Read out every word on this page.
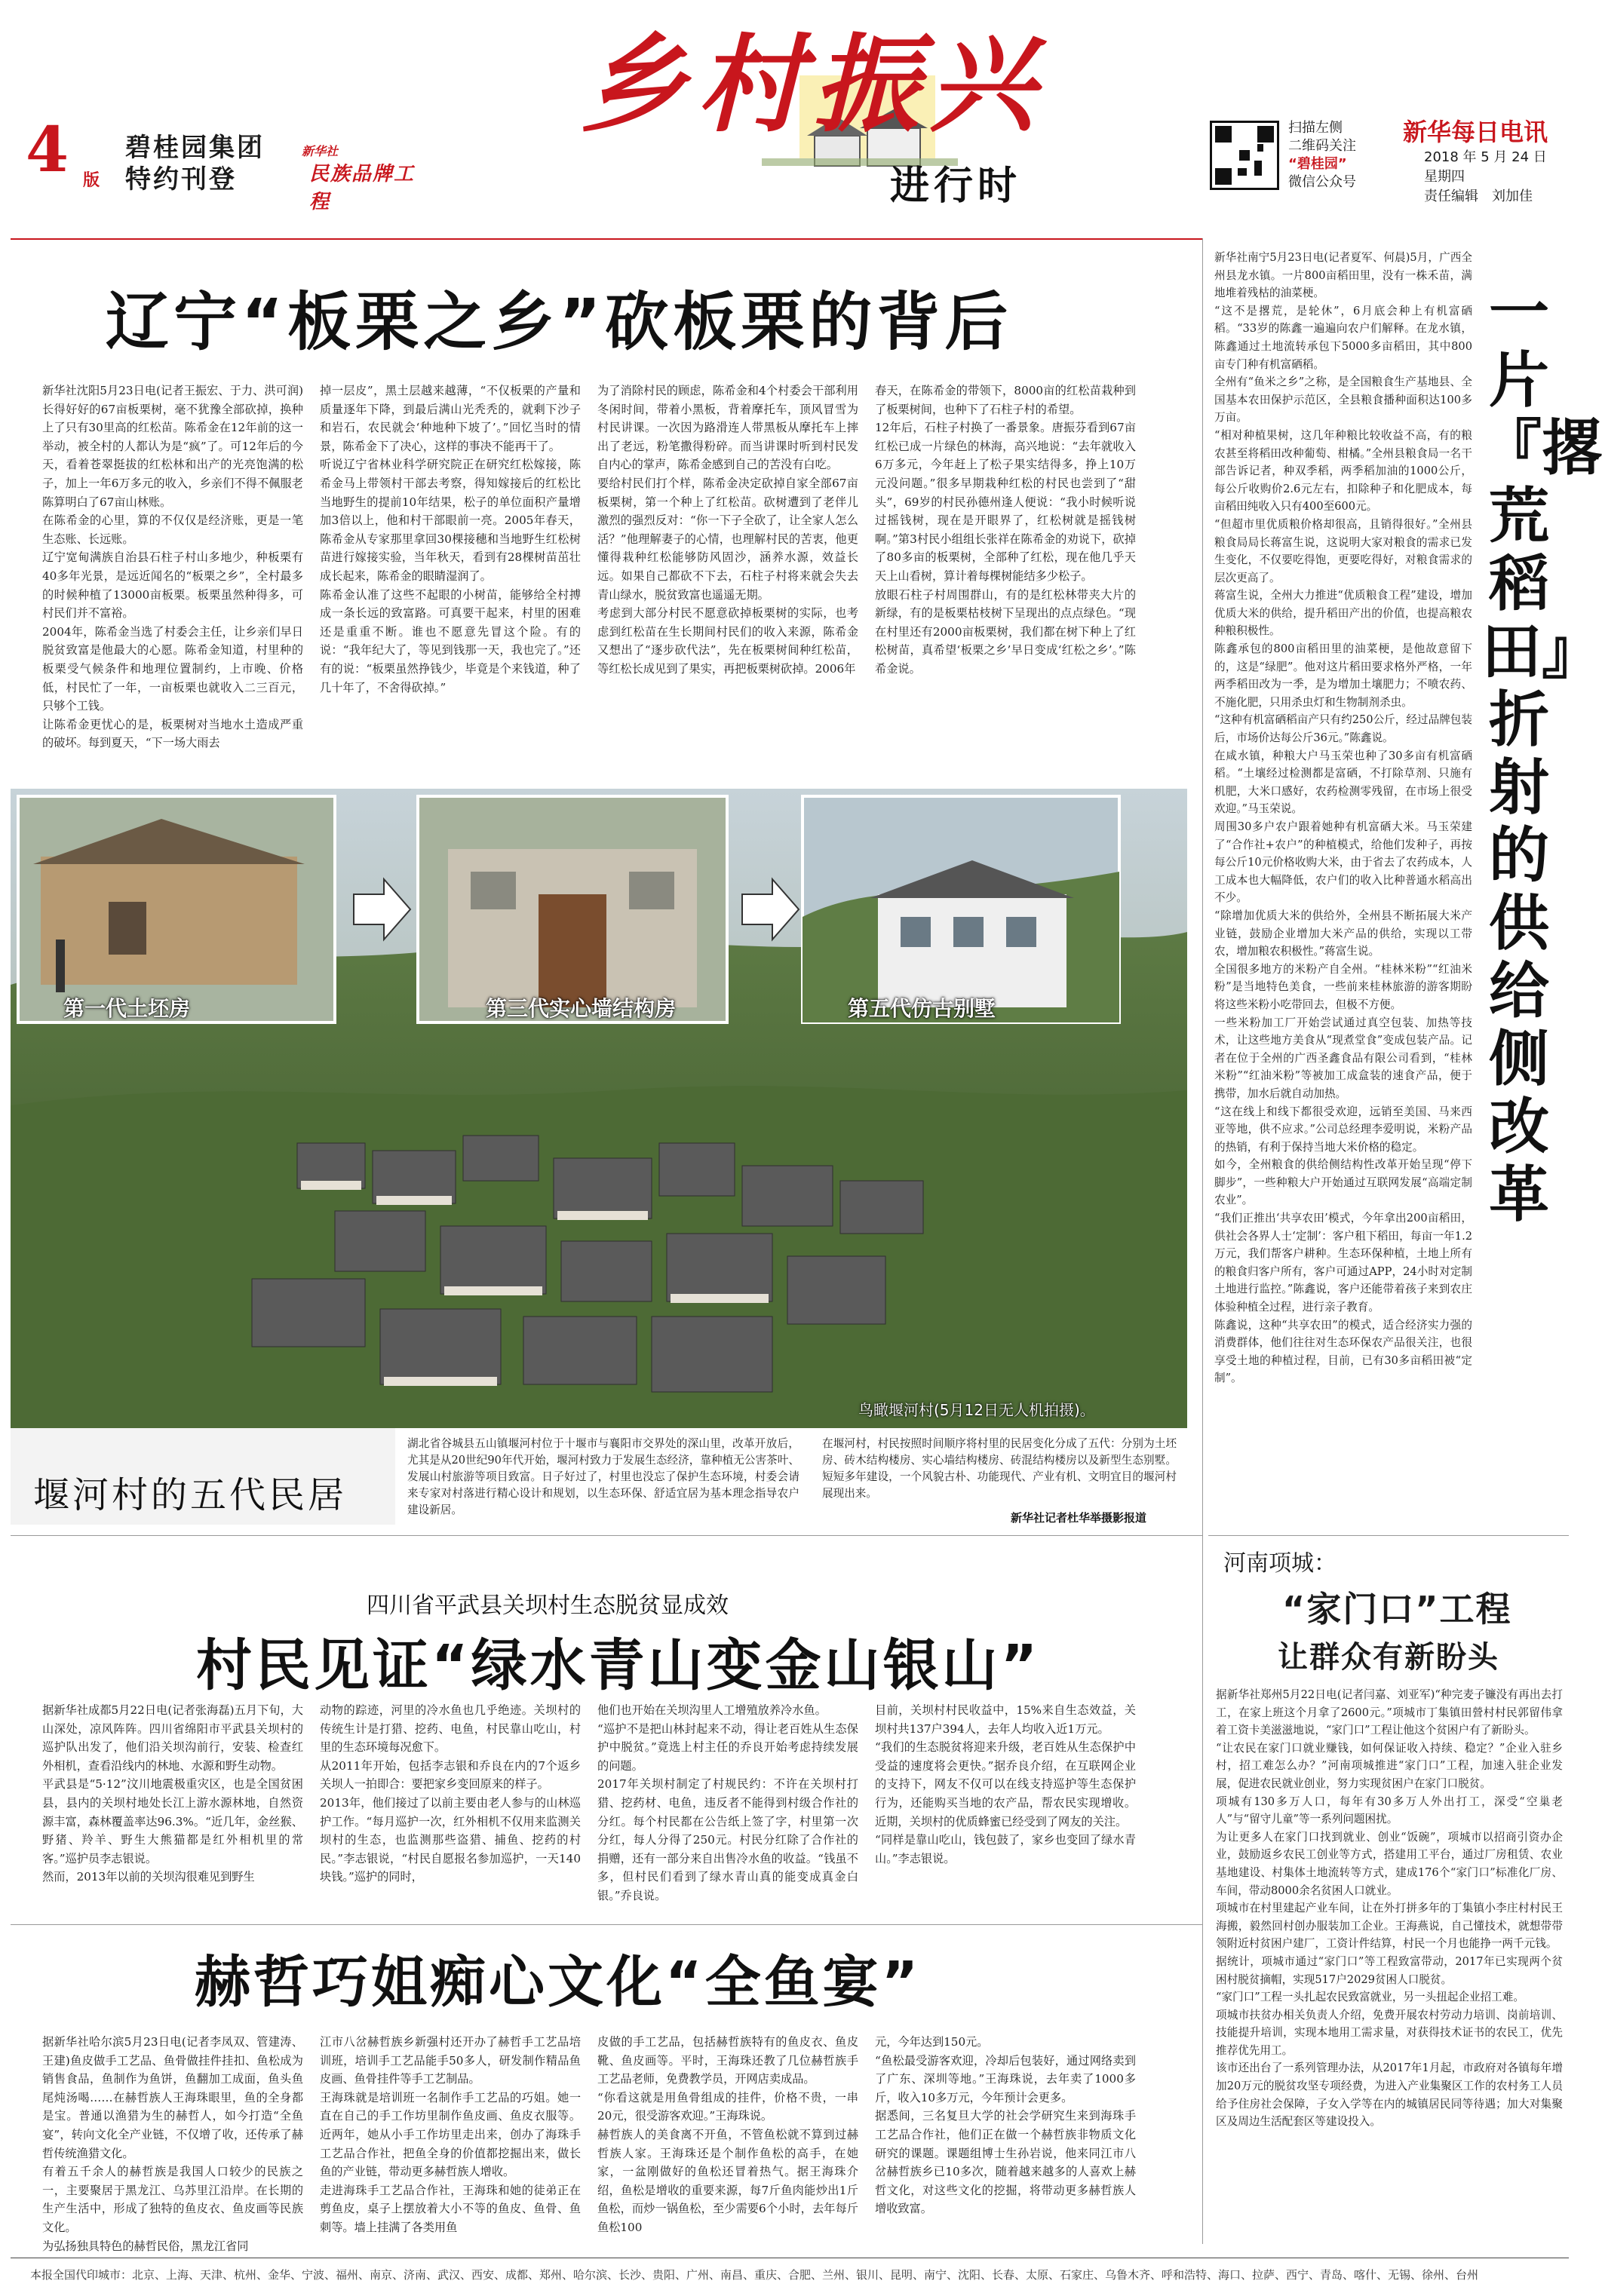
4 版
碧桂园集团
特约刊登
新华社
民族品牌工程
乡村振兴
进行时
扫描左侧
二维码关注
“碧桂园”
微信公众号
新华每日电讯
2018 年 5 月 24 日
星期四
责任编辑　刘加佳
辽宁“板栗之乡”砍板栗的背后
新华社沈阳5月23日电(记者王振宏、于力、洪可润)长得好好的67亩板栗树，毫不犹豫全部砍掉，换种上了只有30里高的红松苗。陈希金在12年前的这一举动，被全村的人都认为是“疯”了。可12年后的今天，看着苍翠挺拔的红松林和出产的光亮饱满的松子，加上一年6万多元的收入，乡亲们不得不佩服老陈算明白了67亩山林账。
在陈希金的心里，算的不仅仅是经济账，更是一笔生态账、长远账。
辽宁宽甸满族自治县石柱子村山多地少，种板栗有40多年光景，是远近闻名的“板栗之乡”，全村最多的时候种植了13000亩板栗。板栗虽然种得多，可村民们并不富裕。
2004年，陈希金当选了村委会主任，让乡亲们早日脱贫致富是他最大的心愿。陈希金知道，村里种的板栗受气候条件和地理位置制约，上市晚、价格低，村民忙了一年，一亩板栗也就收入二三百元，只够个工钱。
让陈希金更忧心的是，板栗树对当地水土造成严重的破坏。每到夏天，“下一场大雨去
掉一层皮”，黑土层越来越薄，“不仅板栗的产量和质量逐年下降，到最后满山光秃秃的，就剩下沙子和岩石，农民就会‘种地种下坡了’。”回忆当时的情景，陈希金下了决心，这样的事决不能再干了。
听说辽宁省林业科学研究院正在研究红松嫁接，陈希金马上带领村干部去考察，得知嫁接后的红松比当地野生的提前10年结果，松子的单位面积产量增加3倍以上，他和村干部眼前一亮。2005年春天，陈希金从专家那里拿回30棵接穗和当地野生红松树苗进行嫁接实验，当年秋天，看到有28棵树苗茁壮成长起来，陈希金的眼睛湿润了。
陈希金认准了这些不起眼的小树苗，能够给全村搏成一条长远的致富路。可真要干起来，村里的困难还是重重不断。谁也不愿意先冒这个险。有的说：“我年纪大了，等见到钱那一天，我也完了。”还有的说：“板栗虽然挣钱少，毕竟是个来钱道，种了几十年了，不舍得砍掉。”
为了消除村民的顾虑，陈希金和4个村委会干部利用冬闲时间，带着小黑板，背着摩托车，顶风冒雪为村民讲课。一次因为路滑连人带黑板从摩托车上摔出了老远，粉笔撒得粉碎。而当讲课时听到村民发自内心的掌声，陈希金感到自己的苦没有白吃。
要给村民们打个样，陈希金决定砍掉自家全部67亩板栗树，第一个种上了红松苗。砍树遭到了老伴儿激烈的强烈反对：“你一下子全砍了，让全家人怎么活？”他理解妻子的心情，也理解村民的苦衷，他更懂得栽种红松能够防风固沙，涵养水源，效益长远。如果自己都砍不下去，石柱子村将来就会失去青山绿水，脱贫致富也遥遥无期。
考虑到大部分村民不愿意砍掉板栗树的实际，也考虑到红松苗在生长期间村民们的收入来源，陈希金又想出了“逐步砍代法”，先在板栗树间种红松苗，等红松长成见到了果实，再把板栗树砍掉。2006年
春天，在陈希金的带领下，8000亩的红松苗栽种到了板栗树间，也种下了石柱子村的希望。
12年后，石柱子村换了一番景象。唐振芬看到67亩红松已成一片绿色的林海，高兴地说：“去年就收入6万多元，今年赶上了松子果实结得多，挣上10万元没问题。”很多早期栽种红松的村民也尝到了“甜头”，69岁的村民孙德州逢人便说：“我小时候听说过摇钱树，现在是开眼界了，红松树就是摇钱树啊。”第3村民小组组长张祥在陈希金的劝说下，砍掉了80多亩的板栗树，全部种了红松，现在他几乎天天上山看树，算计着每棵树能结多少松子。
放眼石柱子村周围群山，有的是红松林带夹大片的新绿，有的是板栗枯枝树下呈现出的点点绿色。“现在村里还有2000亩板栗树，我们都在树下种上了红松树苗，真希望‘板栗之乡’早日变成‘红松之乡’。”陈希金说。
第一代土坯房	第三代实心墙结构房	第五代仿古别墅
鸟瞰堰河村(5月12日无人机拍摄)。
堰河村的五代民居
湖北省谷城县五山镇堰河村位于十堰市与襄阳市交界处的深山里，改革开放后，尤其是从20世纪90年代开始，堰河村致力于发展生态经济，靠种植无公害茶叶、发展山村旅游等项目致富。日子好过了，村里也没忘了保护生态环境，村委会请来专家对村落进行精心设计和规划，以生态环保、舒适宜居为基本理念指导农户建设新居。
在堰河村，村民按照时间顺序将村里的民居变化分成了五代：分别为土坯房、砖木结构楼房、实心墙结构楼房、砖混结构楼房以及新型生态别墅。短短多年建设，一个风貌古朴、功能现代、产业有机、文明宜目的堰河村展现出来。
新华社记者杜华举摄影报道
新华社南宁5月23日电(记者夏军、何晨)5月，广西全州县龙水镇。一片800亩稻田里，没有一株禾苗，满地堆着残枯的油菜梗。
“这不是撂荒，是轮休”，6月底会种上有机富硒稻。“33岁的陈鑫一遍遍向农户们解释。在龙水镇，陈鑫通过土地流转承包下5000多亩稻田，其中800亩专门种有机富硒稻。
全州有“鱼米之乡”之称，是全国粮食生产基地县、全国基本农田保护示范区，全县粮食播种面积达100多万亩。
“相对种植果树，这几年种粮比较收益不高，有的粮农甚至将稻田改种葡萄、柑橘。”全州县粮食局一名干部告诉记者，种双季稻，两季稻加油的1000公斤，每公斤收购价2.6元左右，扣除种子和化肥成本，每亩稻田纯收入只有400至600元。
“但超市里优质粮价格却很高，且销得很好。”全州县粮食局局长蒋富生说，这说明大家对粮食的需求已发生变化，不仅要吃得饱，更要吃得好，对粮食需求的层次更高了。
蒋富生说，全州大力推进“优质粮食工程”建设，增加优质大米的供给，提升稻田产出的价值，也提高粮农种粮积极性。
陈鑫承包的800亩稻田里的油菜梗，是他故意留下的，这是“绿肥”。他对这片稻田要求格外严格，一年两季稻田改为一季，是为增加土壤肥力；不喷农药、不施化肥，只用杀虫灯和生物制剂杀虫。
“这种有机富硒稻亩产只有约250公斤，经过品牌包装后，市场价达每公斤36元。”陈鑫说。
在咸水镇，种粮大户马玉荣也种了30多亩有机富硒稻。“土壤经过检测都是富硒，不打除草剂、只施有机肥，大米口感好，农药检测零残留，在市场上很受欢迎。”马玉荣说。
周围30多户农户跟着她种有机富硒大米。马玉荣建了“合作社+农户”的种植模式，给他们发种子，再按每公斤10元价格收购大米，由于省去了农药成本，人工成本也大幅降低，农户们的收入比种普通水稻高出不少。
“除增加优质大米的供给外，全州县不断拓展大米产业链，鼓励企业增加大米产品的供给，实现以工带农，增加粮农积极性。”蒋富生说。
全国很多地方的米粉产自全州。“桂林米粉”“红油米粉”是当地特色美食，一些前来桂林旅游的游客期盼将这些米粉小吃带回去，但极不方便。
一些米粉加工厂开始尝试通过真空包装、加热等技术，让这些地方美食从“现煮堂食”变成包装产品。记者在位于全州的广西圣鑫食品有限公司看到，“桂林米粉”“红油米粉”等被加工成盒装的速食产品，便于携带，加水后就自动加热。
“这在线上和线下都很受欢迎，远销至美国、马来西亚等地，供不应求。”公司总经理李爱明说，米粉产品的热销，有利于保持当地大米价格的稳定。
如今，全州粮食的供给侧结构性改革开始呈现“停下脚步”，一些种粮大户开始通过互联网发展“高端定制农业”。
“我们正推出‘共享农田’模式，今年拿出200亩稻田，供社会各界人士‘定制’：客户租下稻田，每亩一年1.2万元，我们帮客户耕种。生态环保种植，土地上所有的粮食归客户所有，客户可通过APP，24小时对定制土地进行监控。”陈鑫说，客户还能带着孩子来到农庄体验种植全过程，进行亲子教育。
陈鑫说，这种“共享农田”的模式，适合经济实力强的消费群体，他们往往对生态环保农产品很关注，也很享受土地的种植过程，目前，已有30多亩稻田被“定制”。
一片『撂荒稻田』折射的供给侧改革
河南项城：
“家门口”工程
让群众有新盼头
据新华社郑州5月22日电(记者闫嘉、刘亚军)“种完麦子镰没有再出去打工，在家上班这个月拿了2600元。”项城市丁集镇田營村村民郭留伟拿着工资卡美滋滋地说，“家门口”工程让他这个贫困户有了新盼头。
“让农民在家门口就业赚钱，如何保证收入持续、稳定？”企业入驻乡村，招工难怎么办？”河南项城推进“家门口”工程，加速入驻企业发展，促进农民就业创业，努力实现贫困户在家门口脱贫。
项城有130多万人口，每年有30多万人外出打工，深受“空巢老人”与“留守儿童”等一系列问题困扰。
为让更多人在家门口找到就业、创业“饭碗”，项城市以招商引资办企业，鼓励返乡农民工创业等方式，搭建用工平台，通过厂房租赁、农业基地建设、村集体土地流转等方式，建成176个“家门口”标准化厂房、车间，带动8000余名贫困人口就业。
项城市在村里建起产业车间，让在外打拼多年的丁集镇小李庄村村民王海搬，毅然回村创办服装加工企业。王海燕说，自己懂技术，就想带带领附近村贫困户建厂，工资计件结算，村民一个月也能挣一两千元钱。
据统计，项城市通过“家门口”等工程致富带动，2017年已实现两个贫困村脱贫摘帽，实现517户2029贫困人口脱贫。
“家门口”工程一头扎起农民致富就业，另一头扭起企业招工难。
项城市扶贫办相关负责人介绍，免费开展农村劳动力培训、岗前培训、技能提升培训，实现本地用工需求量，对获得技术证书的农民工，优先推荐优先用工。
该市还出台了一系列管理办法，从2017年1月起，市政府对各镇每年增加20万元的脱贫攻坚专项经费，为进入产业集聚区工作的农村务工人员给予住房社会保障，子女入学等在内的城镇居民同等待遇；加大对集聚区及周边生活配套区等建设投入。
四川省平武县关坝村生态脱贫显成效
村民见证“绿水青山变金山银山”
据新华社成都5月22日电(记者张海磊)五月下旬，大山深处，凉风阵阵。四川省绵阳市平武县关坝村的巡护队出发了，他们沿关坝沟前行，安装、检查红外相机，查看沿线内的林地、水源和野生动物。
平武县是“5·12”汶川地震极重灾区，也是全国贫困县，县内的关坝村地处长江上游水源林地，自然资源丰富，森林覆盖率达96.3%。“近几年，金丝猴、野猪、羚羊、野生大熊猫都是红外相机里的常客。”巡护员李志银说。
然而，2013年以前的关坝沟很难见到野生
动物的踪迹，河里的冷水鱼也几乎绝迹。关坝村的传统生计是打猎、挖药、电鱼，村民靠山吃山，村里的生态环境每况愈下。
从2011年开始，包括李志银和乔良在内的7个返乡关坝人一拍即合：要把家乡变回原来的样子。
2013年，他们接过了以前主要由老人参与的山林巡护工作。“每月巡护一次，红外相机不仅用来监测关坝村的生态，也监测那些盗猎、捕鱼、挖药的村民。”李志银说，“村民自愿报名参加巡护，一天140块钱。”巡护的同时，
他们也开始在关坝沟里人工增殖放养冷水鱼。
“巡护不是把山林封起来不动，得让老百姓从生态保护中脱贫。”竟选上村主任的乔良开始考虑持续发展的问题。
2017年关坝村制定了村规民约：不许在关坝村打猎、挖药材、电鱼，违反者不能得到村级合作社的分红。每个村民都在公告纸上签了字，村里第一次分红，每人分得了250元。村民分红除了合作社的捐赠，还有一部分来自出售冷水鱼的收益。“钱虽不多，但村民们看到了绿水青山真的能变成真金白银。”乔良说。
目前，关坝村村民收益中，15%来自生态效益，关坝村共137户394人，去年人均收入近1万元。
“我们的生态脱贫将迎来升级，老百姓从生态保护中受益的速度将会更快。”据乔良介绍，在互联网企业的支持下，网友不仅可以在线支持巡护等生态保护行为，还能购买当地的农产品，帮农民实现增收。近期，关坝村的优质蜂蜜已经受到了网友的关注。
“同样是靠山吃山，钱包鼓了，家乡也变回了绿水青山。”李志银说。
赫哲巧姐痴心文化“全鱼宴”
据新华社哈尔滨5月23日电(记者李凤双、管建涛、王建)鱼皮做手工艺品、鱼骨做挂件挂扣、鱼松成为销售食品，鱼制作为鱼饼，鱼翻加工成面，鱼头鱼尾炖汤喝……在赫哲族人王海珠眼里，鱼的全身都是宝。普通以渔猎为生的赫哲人，如今打造“全鱼宴”，转向文化全产业链，不仅增了收，还传承了赫哲传统渔猎文化。
有着五千余人的赫哲族是我国人口较少的民族之一，主要聚居于黑龙江、乌苏里江沿岸。在长期的生产生活中，形成了独特的鱼皮衣、鱼皮画等民族文化。
为弘扬独具特色的赫哲民俗，黑龙江省同
江市八岔赫哲族乡新强村还开办了赫哲手工艺品培训班，培训手工艺品能手50多人，研发制作精品鱼皮画、鱼骨挂件等手工艺制品。
王海珠就是培训班一名制作手工艺品的巧姐。她一直在自己的手工作坊里制作鱼皮画、鱼皮衣服等。近两年，她从小手工作坊里走出来，创办了海珠手工艺品合作社，把鱼全身的价值都挖掘出来，做长鱼的产业链，带动更多赫哲族人增收。
走进海珠手工艺品合作社，王海珠和她的徒弟正在剪鱼皮，桌子上摆放着大小不等的鱼皮、鱼骨、鱼刺等。墙上挂满了各类用鱼
皮做的手工艺品，包括赫哲族特有的鱼皮衣、鱼皮靴、鱼皮画等。平时，王海珠还教了几位赫哲族手工艺品老师，免费教学员，开网店卖成品。
“你看这就是用鱼骨组成的挂件，价格不贵，一串20元，很受游客欢迎。”王海珠说。
赫哲族人的美食离不开鱼，不管鱼松就不算到过赫哲族人家。王海珠还是个制作鱼松的高手，在她家，一盆刚做好的鱼松还冒着热气。据王海珠介绍，鱼松是增收的重要来源，每7斤鱼肉能炒出1斤鱼松，而炒一锅鱼松，至少需要6个小时，去年每斤鱼松100
元，今年达到150元。
“鱼松最受游客欢迎，冷却后包装好，通过网络卖到了广东、深圳等地。”王海珠说，去年卖了1000多斤，收入10多万元，今年预计会更多。
据悉间，三名复旦大学的社会学研究生来到海珠手工艺品合作社，他们正在做一个赫哲族非物质文化研究的课题。课题组博士生孙岩说，他来同江市八岔赫哲族乡已10多次，随着越来越多的人喜欢上赫哲文化，对这些文化的挖掘，将带动更多赫哲族人增收致富。
本报全国代印城市：北京、上海、天津、杭州、金华、宁波、福州、南京、济南、武汉、西安、成都、郑州、哈尔滨、长沙、贵阳、广州、南昌、重庆、合肥、兰州、银川、昆明、南宁、沈阳、长春、太原、石家庄、乌鲁木齐、呼和浩特、海口、拉萨、西宁、青岛、喀什、无锡、徐州、台州
